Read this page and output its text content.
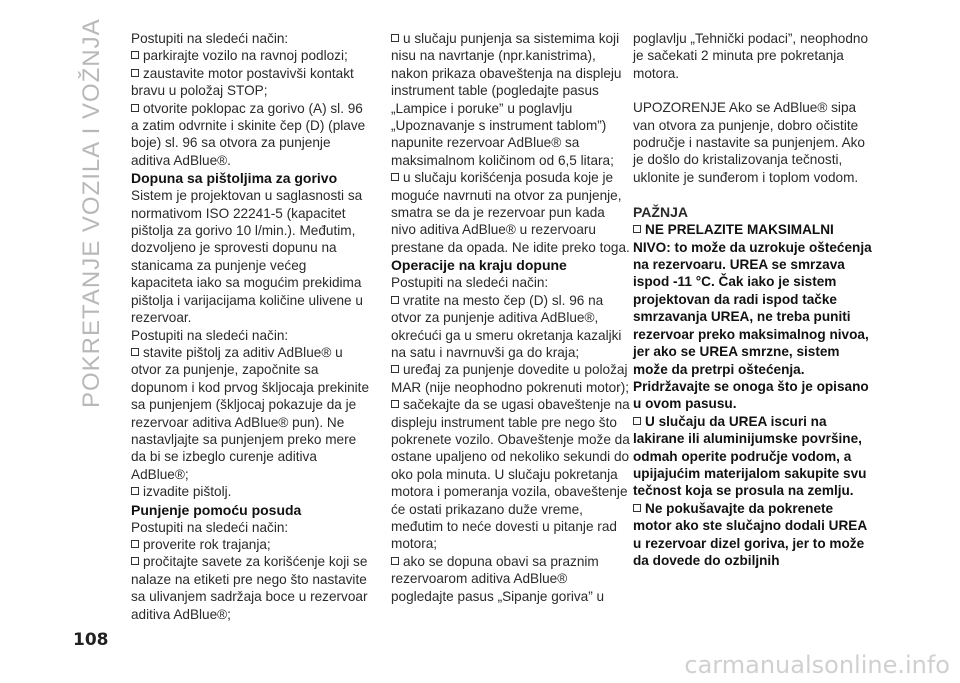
POKRETANJE VOZILA I VOŽNJA
108

Postupiti na sledeći način:

parkirajte vozilo na ravnoj podlozi;

zaustavite motor postavivši kontakt bravu u položaj STOP;

otvorite poklopac za gorivo (A) sl. 96 a zatim odvrnite i skinite čep (D) (plave boje) sl. 96 sa otvora za punjenje aditiva AdBlue®.

Dopuna sa pištoljima za gorivo

Sistem je projektovan u saglasnosti sa normativom ISO 22241-5 (kapacitet pištolja za gorivo 10 l/min.). Međutim, dozvoljeno je sprovesti dopunu na stanicama za punjenje većeg kapaciteta iako sa mogućim prekidima pištolja i varijacijama količine ulivene u rezervoar.

Postupiti na sledeći način:

stavite pištolj za aditiv AdBlue® u otvor za punjenje, započnite sa dopunom i kod prvog škljocaja prekinite sa punjenjem (škljocaj pokazuje da je rezervoar aditiva AdBlue® pun). Ne nastavljajte sa punjenjem preko mere da bi se izbeglo curenje aditiva AdBlue®;

izvadite pištolj.

Punjenje pomoću posuda

Postupiti na sledeći način:

proverite rok trajanja;

pročitajte savete za korišćenje koji se nalaze na etiketi pre nego što nastavite sa ulivanjem sadržaja boce u rezervoar aditiva AdBlue®;

u slučaju punjenja sa sistemima koji nisu na navrtanje (npr.kanistrima), nakon prikaza obaveštenja na displeju instrument table (pogledajte pasus „Lampice i poruke” u poglavlju „Upoznavanje s instrument tablom”) napunite rezervoar AdBlue® sa maksimalnom količinom od 6,5 litara;

u slučaju korišćenja posuda koje je moguće navrnuti na otvor za punjenje, smatra se da je rezervoar pun kada nivo aditiva AdBlue® u rezervoaru prestane da opada. Ne idite preko toga.

Operacije na kraju dopune

Postupiti na sledeći način:

vratite na mesto čep (D) sl. 96 na otvor za punjenje aditiva AdBlue®, okrećući ga u smeru okretanja kazaljki na satu i navrnuvši ga do kraja;

uređaj za punjenje dovedite u položaj MAR (nije neophodno pokrenuti motor);

sačekajte da se ugasi obaveštenje na displeju instrument table pre nego što pokrenete vozilo. Obaveštenje može da ostane upaljeno od nekoliko sekundi do oko pola minuta. U slučaju pokretanja motora i pomeranja vozila, obaveštenje će ostati prikazano duže vreme, međutim to neće dovesti u pitanje rad motora;

ako se dopuna obavi sa praznim rezervoarom aditiva AdBlue® pogledajte pasus „Sipanje goriva” u

poglavlju „Tehnički podaci”, neophodno je sačekati 2 minuta pre pokretanja motora.

UPOZORENJE Ako se AdBlue® sipa van otvora za punjenje, dobro očistite područje i nastavite sa punjenjem. Ako je došlo do kristalizovanja tečnosti, uklonite je sunđerom i toplom vodom.

PAŽNJA

NE PRELAZITE MAKSIMALNI NIVO: to može da uzrokuje oštećenja na rezervoaru. UREA se smrzava ispod -11 °C. Čak iako je sistem projektovan da radi ispod tačke smrzavanja UREA, ne treba puniti rezervoar preko maksimalnog nivoa, jer ako se UREA smrzne, sistem može da pretrpi oštećenja. Pridržavajte se onoga što je opisano u ovom pasusu.

U slučaju da UREA iscuri na lakirane ili aluminijumske površine, odmah operite područje vodom, a upijajućim materijalom sakupite svu tečnost koja se prosula na zemlju.

Ne pokušavajte da pokrenete motor ako ste slučajno dodali UREA u rezervoar dizel goriva, jer to može da dovede do ozbiljnih

carmanualsonline.info
